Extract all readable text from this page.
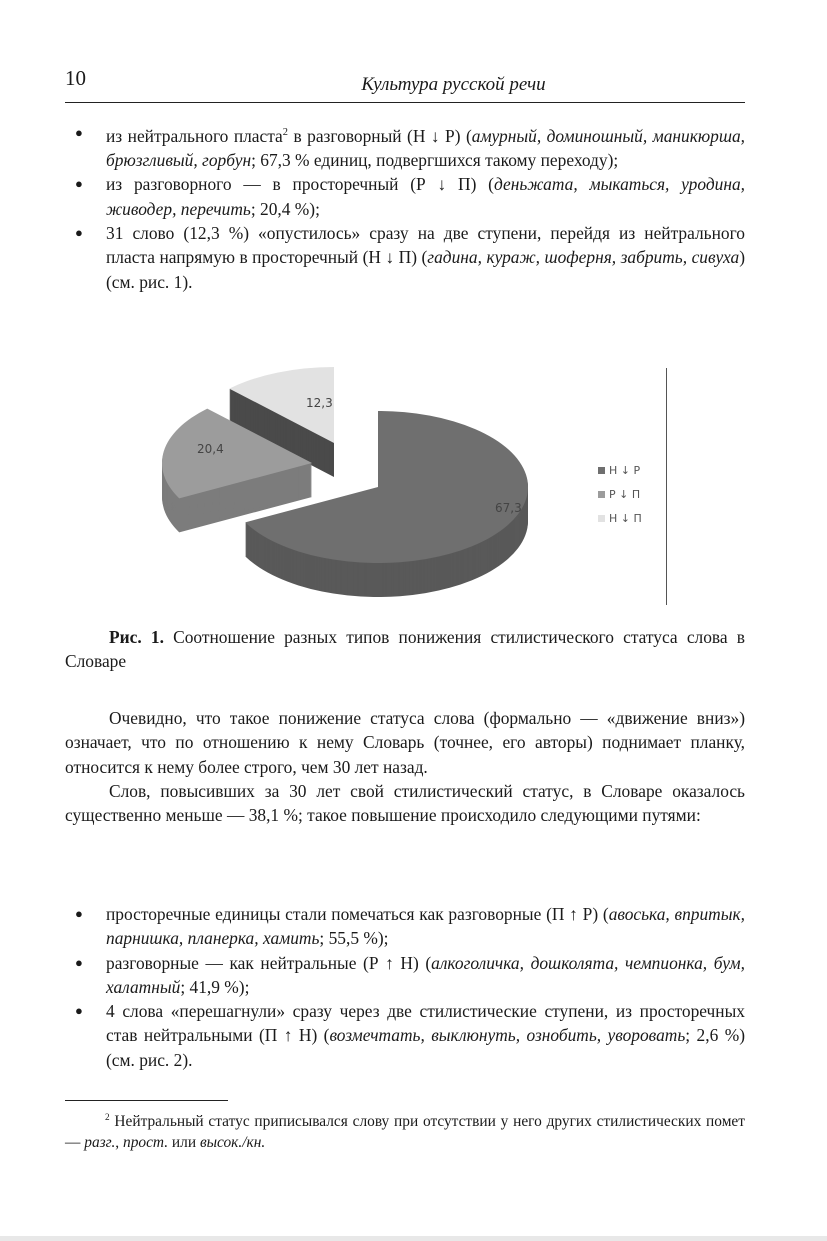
10	Культура русской речи
● из нейтрального пласта$^2$ в разговорный (Н ↓ Р) (амурный, доминошный, маникюрша, брюзгливый, горбун; 67,3 % единиц, подвергшихся такому переходу);
● из разговорного — в просторечный (Р ↓ П) (деньжата, мыкаться, уродина, живодер, перечить; 20,4 %);
● 31 слово (12,3 %) «опустилось» сразу на две ступени, перейдя из нейтрального пласта напрямую в просторечный (Н ↓ П) (гадина, кураж, шоферня, забрить, сивуха) (см. рис. 1).
67,3
20,4
12,3
Н ↓ Р
Р ↓ П
Н ↓ П
Рис. 1. Соотношение разных типов понижения стилистического статуса слова в Словаре

Очевидно, что такое понижение статуса слова (формально — «движение вниз») означает, что по отношению к нему Словарь (точнее, его авторы) поднимает планку, относится к нему более строго, чем 30 лет назад.

Слов, повысивших за 30 лет свой стилистический статус, в Словаре оказалось существенно меньше — 38,1 %; такое повышение происходило следующими путями:

● просторечные единицы стали помечаться как разговорные (П ↑ Р) (авоська, впритык, парнишка, планерка, хамить; 55,5 %);
● разговорные — как нейтральные (Р ↑ Н) (алкоголичка, дошколята, чемпионка, бум, халатный; 41,9 %);
● 4 слова «перешагнули» сразу через две стилистические ступени, из просторечных став нейтральными (П ↑ Н) (возмечтать, выклюнуть, ознобить, уворовать; 2,6 %) (см. рис. 2).
$^2$ Нейтральный статус приписывался слову при отсутствии у него других стилистических помет — разг., прост. или высок./кн.
